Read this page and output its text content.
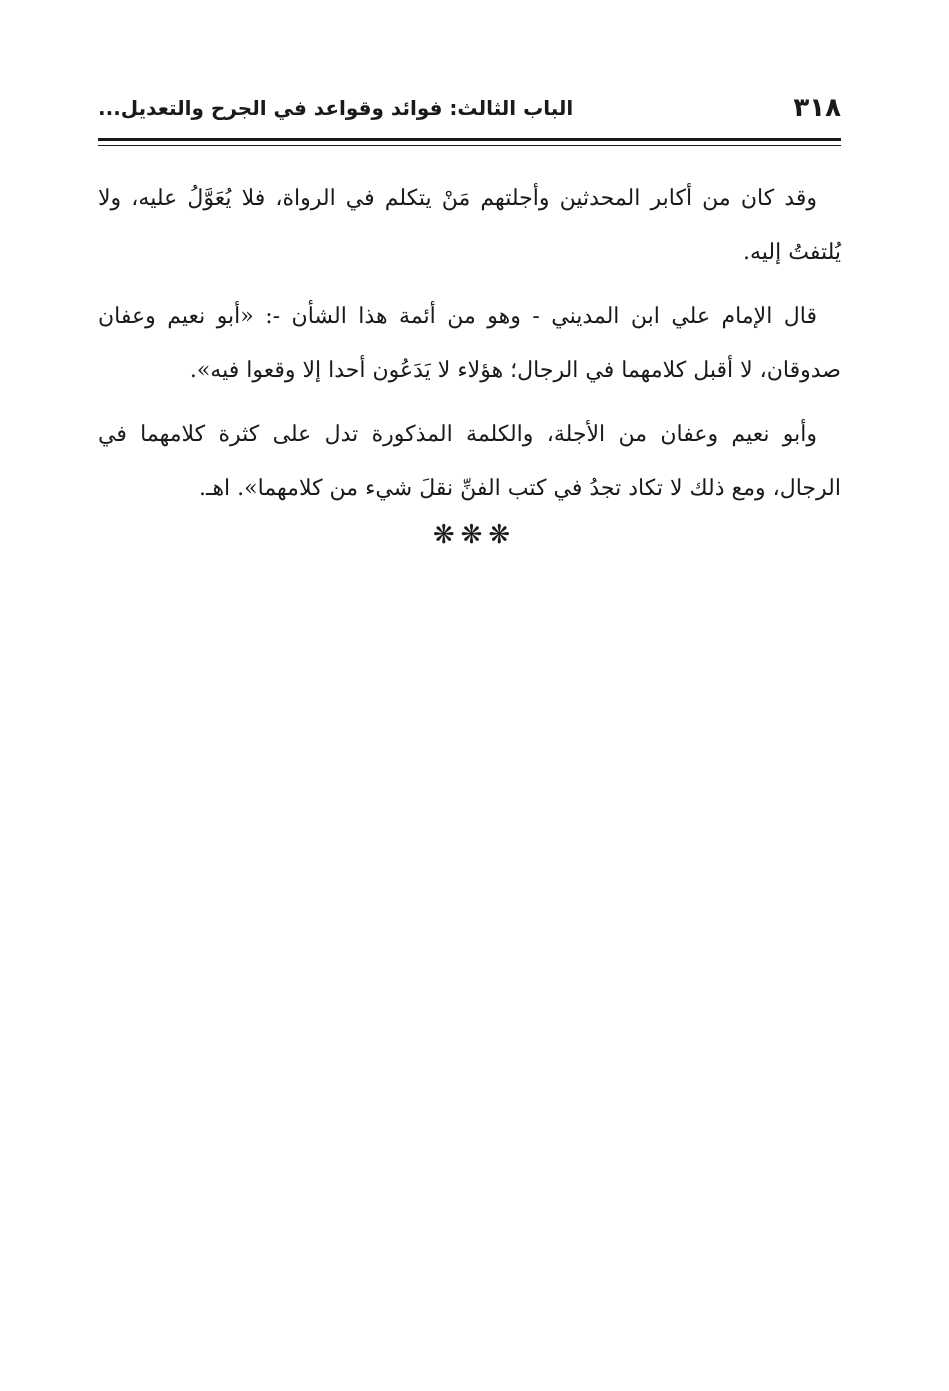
٣١٨
الباب الثالث: فوائد وقواعد في الجرح والتعديل...

وقد كان من أكابر المحدثين وأجلتهم مَنْ يتكلم في الرواة، فلا يُعَوَّلُ عليه، ولا يُلتفتُ إليه.

قال الإمام علي ابن المديني - وهو من أئمة هذا الشأن -: «أبو نعيم وعفان صدوقان، لا أقبل كلامهما في الرجال؛ هؤلاء لا يَدَعُون أحدا إلا وقعوا فيه».

وأبو نعيم وعفان من الأجلة، والكلمة المذكورة تدل على كثرة كلامهما في الرجال، ومع ذلك لا تكاد تجدُ في كتب الفنِّ نقلَ شيء من كلامهما». اهـ.

❋❋❋
